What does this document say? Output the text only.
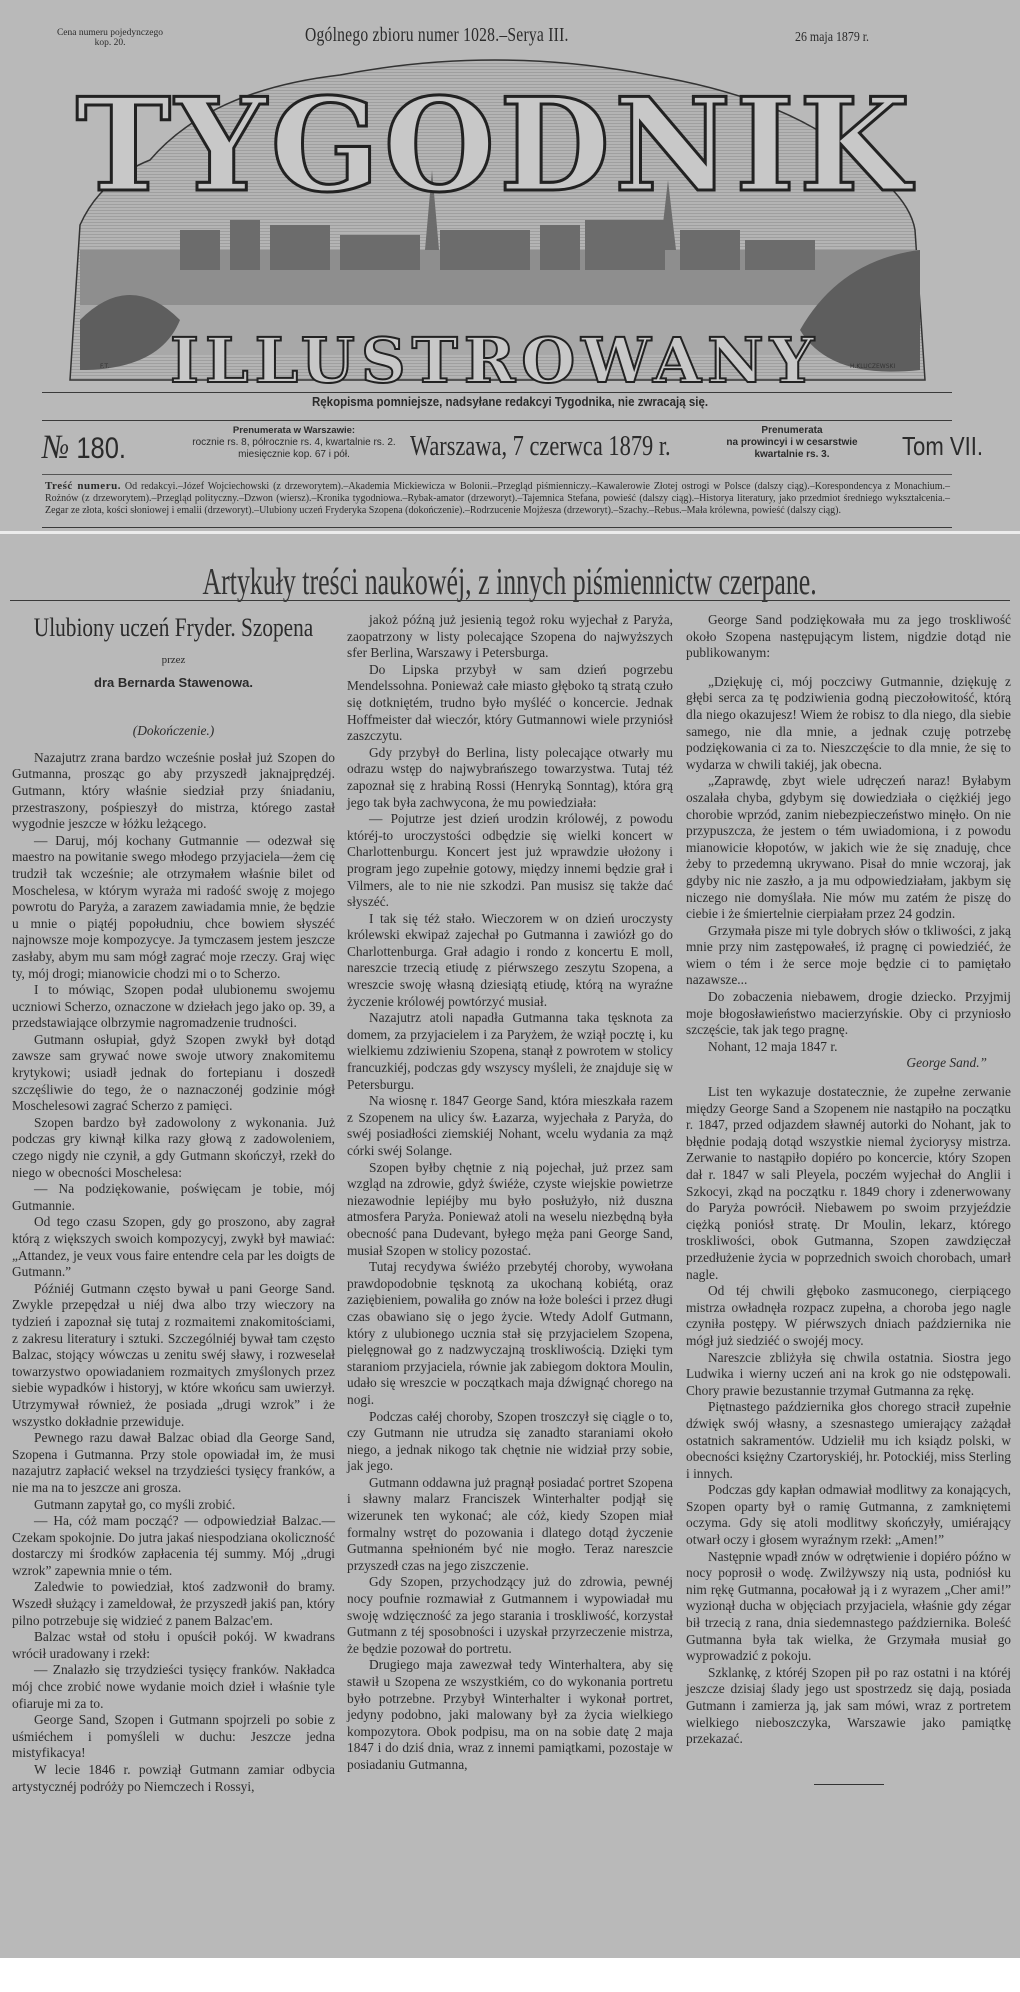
Cena numeru pojedynczego
kop. 20.	Ogólnego zbioru numer 1028.–Serya III.	26 maja 1879 r.
TYGODNIK
ILLUSTROWANY
F.T.	H.KLUCZEWSKI
Rękopisma pomniejsze, nadsyłane redakcyi Tygodnika, nie zwracają się.
№ 180.
Prenumerata w Warszawie:
rocznie rs. 8, półrocznie rs. 4, kwartalnie rs. 2.
miesięcznie kop. 67 i pół.	Warszawa, 7 czerwca 1879 r.
Prenumerata
na prowincyi i w cesarstwie
kwartalnie rs. 3.	Tom VII.
Treść numeru. Od redakcyi.–Józef Wojciechowski (z drzeworytem).–Akademia Mickiewicza w Bolonii.–Przegląd piśmienniczy.–Kawalerowie Złotej ostrogi w Polsce (dalszy ciąg).–Korespondencya z Monachium.–Rożnów (z drzeworytem).–Przegląd polityczny.–Dzwon (wiersz).–Kronika tygodniowa.–Rybak-amator (drzeworyt).–Tajemnica Stefana, powieść (dalszy ciąg).–Historya literatury, jako przedmiot średniego wykształcenia.–Zegar ze złota, kości słoniowej i emalii (drzeworyt).–Ulubiony uczeń Fryderyka Szopena (dokończenie).–Rodrzucenie Mojżesza (drzeworyt).–Szachy.–Rebus.–Mała królewna, powieść (dalszy ciąg).
Artykuły treści naukowéj, z innych piśmiennictw czerpane.
Ulubiony uczeń Fryder. Szopena
przez
dra Bernarda Stawenowa.
(Dokończenie.)

Nazajutrz zrana bardzo wcześnie posłał już Szopen do Gutmanna, prosząc go aby przyszedł jaknajprędzéj. Gutmann, który właśnie siedział przy śniadaniu, przestraszony, pośpieszył do mistrza, którego zastał wygodnie jeszcze w łóżku leżącego.

— Daruj, mój kochany Gutmannie — odezwał się maestro na powitanie swego młodego przyjaciela—żem cię trudził tak wcześnie; ale otrzymałem właśnie bilet od Moschelesa, w którym wyraża mi radość swoję z mojego powrotu do Paryża, a zarazem zawiadamia mnie, że będzie u mnie o piątéj popołudniu, chce bowiem słyszéć najnowsze moje kompozycye. Ja tymczasem jestem jeszcze zasłaby, abym mu sam mógł zagrać moje rzeczy. Graj więc ty, mój drogi; mianowicie chodzi mi o to Scherzo.

I to mówiąc, Szopen podał ulubionemu swojemu uczniowi Scherzo, oznaczone w dziełach jego jako op. 39, a przedstawiające olbrzymie nagromadzenie trudności.

Gutmann osłupiał, gdyż Szopen zwykł był dotąd zawsze sam grywać nowe swoje utwory znakomitemu krytykowi; usiadł jednak do fortepianu i doszedł szczęśliwie do tego, że o naznaczonéj godzinie mógł Moschelesowi zagrać Scherzo z pamięci.

Szopen bardzo był zadowolony z wykonania. Już podczas gry kiwnął kilka razy głową z zadowoleniem, czego nigdy nie czynił, a gdy Gutmann skończył, rzekł do niego w obecności Moschelesa:

— Na podziękowanie, poświęcam je tobie, mój Gutmannie.

Od tego czasu Szopen, gdy go proszono, aby zagrał którą z większych swoich kompozycyj, zwykł był mawiać: „Attandez, je veux vous faire entendre cela par les doigts de Gutmann.”

Późniéj Gutmann często bywał u pani George Sand. Zwykle przepędzał u niéj dwa albo trzy wieczory na tydzień i zapoznał się tutaj z rozmaitemi znakomitościami, z zakresu literatury i sztuki. Szczególniéj bywał tam często Balzac, stojący wówczas u zenitu swéj sławy, i rozweselał towarzystwo opowiadaniem rozmaitych zmyślonych przez siebie wypadków i historyj, w które wkońcu sam uwierzył. Utrzymywał również, że posiada „drugi wzrok” i że wszystko dokładnie przewiduje.

Pewnego razu dawał Balzac obiad dla George Sand, Szopena i Gutmanna. Przy stole opowiadał im, że musi nazajutrz zapłacić weksel na trzydzieści tysięcy franków, a nie ma na to jeszcze ani grosza.

Gutmann zapytał go, co myśli zrobić.

— Ha, cóż mam począć? — odpowiedział Balzac.—Czekam spokojnie. Do jutra jakaś niespodziana okoliczność dostarczy mi środków zapłacenia téj summy. Mój „drugi wzrok” zapewnia mnie o tém.

Zaledwie to powiedział, ktoś zadzwonił do bramy. Wszedł służący i zameldował, że przyszedł jakiś pan, który pilno potrzebuje się widzieć z panem Balzac'em.

Balzac wstał od stołu i opuścił pokój. W kwadrans wrócił uradowany i rzekł:

— Znalazło się trzydzieści tysięcy franków. Nakładca mój chce zrobić nowe wydanie moich dzieł i właśnie tyle ofiaruje mi za to.

George Sand, Szopen i Gutmann spojrzeli po sobie z uśmiéchem i pomyśleli w duchu: Jeszcze jedna mistyfikacya!

W lecie 1846 r. powziął Gutmann zamiar odbycia artystycznéj podróży po Niemczech i Rossyi,

jakoż późną już jesienią tegoż roku wyjechał z Paryża, zaopatrzony w listy polecające Szopena do najwyższych sfer Berlina, Warszawy i Petersburga.

Do Lipska przybył w sam dzień pogrzebu Mendelssohna. Ponieważ całe miasto głęboko tą stratą czuło się dotkniętém, trudno było myśléć o koncercie. Jednak Hoffmeister dał wieczór, który Gutmannowi wiele przyniósł zaszczytu.

Gdy przybył do Berlina, listy polecające otwarły mu odrazu wstęp do najwybrańszego towarzystwa. Tutaj téż zapoznał się z hrabiną Rossi (Henryką Sonntag), która grą jego tak była zachwycona, że mu powiedziała:

— Pojutrze jest dzień urodzin królowéj, z powodu któréj-to uroczystości odbędzie się wielki koncert w Charlottenburgu. Koncert jest już wprawdzie ułożony i program jego zupełnie gotowy, między innemi będzie grał i Vilmers, ale to nie nie szkodzi. Pan musisz się także dać słyszéć.

I tak się téż stało. Wieczorem w on dzień uroczysty królewski ekwipaż zajechał po Gutmanna i zawiózł go do Charlottenburga. Grał adagio i rondo z koncertu E moll, nareszcie trzecią etiudę z piérwszego zeszytu Szopena, a wreszcie swoję własną dziesiątą etiudę, którą na wyraźne życzenie królowéj powtórzyć musiał.

Nazajutrz atoli napadła Gutmanna taka tęsknota za domem, za przyjacielem i za Paryżem, że wziął pocztę i, ku wielkiemu zdziwieniu Szopena, stanął z powrotem w stolicy francuzkiéj, podczas gdy wszyscy myśleli, że znajduje się w Petersburgu.

Na wiosnę r. 1847 George Sand, która mieszkała razem z Szopenem na ulicy św. Łazarza, wyjechała z Paryża, do swéj posiadłości ziemskiéj Nohant, wcelu wydania za mąż córki swéj Solange.

Szopen byłby chętnie z nią pojechał, już przez sam wzgląd na zdrowie, gdyż świéże, czyste wiejskie powietrze niezawodnie lepiéjby mu było posłużyło, niż duszna atmosfera Paryża. Ponieważ atoli na weselu niezbędną była obecność pana Dudevant, byłego męża pani George Sand, musiał Szopen w stolicy pozostać.

Tutaj recydywa świéżo przebytéj choroby, wywołana prawdopodobnie tęsknotą za ukochaną kobiétą, oraz zaziębieniem, powaliła go znów na łoże boleści i przez długi czas obawiano się o jego życie. Wtedy Adolf Gutmann, który z ulubionego ucznia stał się przyjacielem Szopena, pielęgnował go z nadzwyczajną troskliwością. Dzięki tym staraniom przyjaciela, równie jak zabiegom doktora Moulin, udało się wreszcie w początkach maja dźwignąć chorego na nogi.

Podczas całéj choroby, Szopen troszczył się ciągle o to, czy Gutmann nie utrudza się zanadto staraniami około niego, a jednak nikogo tak chętnie nie widział przy sobie, jak jego.

Gutmann oddawna już pragnął posiadać portret Szopena i sławny malarz Franciszek Winterhalter podjął się wizerunek ten wykonać; ale cóż, kiedy Szopen miał formalny wstręt do pozowania i dlatego dotąd życzenie Gutmanna spełnioném być nie mogło. Teraz nareszcie przyszedł czas na jego ziszczenie.

Gdy Szopen, przychodzący już do zdrowia, pewnéj nocy poufnie rozmawiał z Gutmannem i wypowiadał mu swoję wdzięczność za jego starania i troskliwość, korzystał Gutmann z téj sposobności i uzyskał przyrzeczenie mistrza, że będzie pozował do portretu.

Drugiego maja zawezwał tedy Winterhaltera, aby się stawił u Szopena ze wszystkiém, co do wykonania portretu było potrzebne. Przybył Winterhalter i wykonał portret, jedyny podobno, jaki malowany był za życia wielkiego kompozytora. Obok podpisu, ma on na sobie datę 2 maja 1847 i do dziś dnia, wraz z innemi pamiątkami, pozostaje w posiadaniu Gutmanna,

George Sand podziękowała mu za jego troskliwość około Szopena następującym listem, nigdzie dotąd nie publikowanym:

„Dziękuję ci, mój poczciwy Gutmannie, dziękuję z głębi serca za tę podziwienia godną pieczołowitość, którą dla niego okazujesz! Wiem że robisz to dla niego, dla siebie samego, nie dla mnie, a jednak czuję potrzebę podziękowania ci za to. Nieszczęście to dla mnie, że się to wydarza w chwili takiéj, jak obecna.

„Zaprawdę, zbyt wiele udręczeń naraz! Byłabym oszalała chyba, gdybym się dowiedziała o ciężkiéj jego chorobie wprzód, zanim niebezpieczeństwo minęło. On nie przypuszcza, że jestem o tém uwiadomiona, i z powodu mianowicie kłopotów, w jakich wie że się znaduję, chce żeby to przedemną ukrywano. Pisał do mnie wczoraj, jak gdyby nic nie zaszło, a ja mu odpowiedziałam, jakbym się niczego nie domyślała. Nie mów mu zatém że piszę do ciebie i że śmiertelnie cierpiałam przez 24 godzin.

Grzymała pisze mi tyle dobrych słów o tkliwości, z jaką mnie przy nim zastępowałeś, iż pragnę ci powiedziéć, że wiem o tém i że serce moje będzie ci to pamiętało nazawsze...

Do zobaczenia niebawem, drogie dziecko. Przyjmij moje błogosławieństwo macierzyńskie. Oby ci przyniosło szczęście, tak jak tego pragnę.

Nohant, 12 maja 1847 r.

George Sand.”

List ten wykazuje dostatecznie, że zupełne zerwanie między George Sand a Szopenem nie nastąpiło na początku r. 1847, przed odjazdem sławnéj autorki do Nohant, jak to błędnie podają dotąd wszystkie niemal życiorysy mistrza. Zerwanie to nastąpiło dopiéro po koncercie, który Szopen dał r. 1847 w sali Pleyela, poczém wyjechał do Anglii i Szkocyi, zkąd na początku r. 1849 chory i zdenerwowany do Paryża powrócił. Niebawem po swoim przyjeździe ciężką poniósł stratę. Dr Moulin, lekarz, którego troskliwości, obok Gutmanna, Szopen zawdzięczał przedłużenie życia w poprzednich swoich chorobach, umarł nagle.

Od téj chwili głęboko zasmuconego, cierpiącego mistrza owładnęła rozpacz zupełna, a choroba jego nagle czyniła postępy. W piérwszych dniach października nie mógł już siedziéć o swojéj mocy.

Nareszcie zbliżyła się chwila ostatnia. Siostra jego Ludwika i wierny uczeń ani na krok go nie odstępowali. Chory prawie bezustannie trzymał Gutmanna za rękę.

Piętnastego października głos chorego stracił zupełnie dźwięk swój własny, a szesnastego umierający zażądał ostatnich sakramentów. Udzielił mu ich ksiądz polski, w obecności księżny Czartoryskiéj, hr. Potockiéj, miss Sterling i innych.

Podczas gdy kapłan odmawiał modlitwy za konających, Szopen oparty był o ramię Gutmanna, z zamkniętemi oczyma. Gdy się atoli modlitwy skończyły, umiérający otwarł oczy i głosem wyraźnym rzekł: „Amen!”

Następnie wpadł znów w odrętwienie i dopiéro późno w nocy poprosił o wodę. Zwilżywszy nią usta, podniósł ku nim rękę Gutmanna, pocałował ją i z wyrazem „Cher ami!” wyzionął ducha w objęciach przyjaciela, właśnie gdy zégar bił trzecią z rana, dnia siedemnastego października. Boleść Gutmanna była tak wielka, że Grzymała musiał go wyprowadzić z pokoju.

Szklankę, z któréj Szopen pił po raz ostatni i na któréj jeszcze dzisiaj ślady jego ust spostrzedz się dają, posiada Gutmann i zamierza ją, jak sam mówi, wraz z portretem wielkiego nieboszczyka, Warszawie jako pamiątkę przekazać.
